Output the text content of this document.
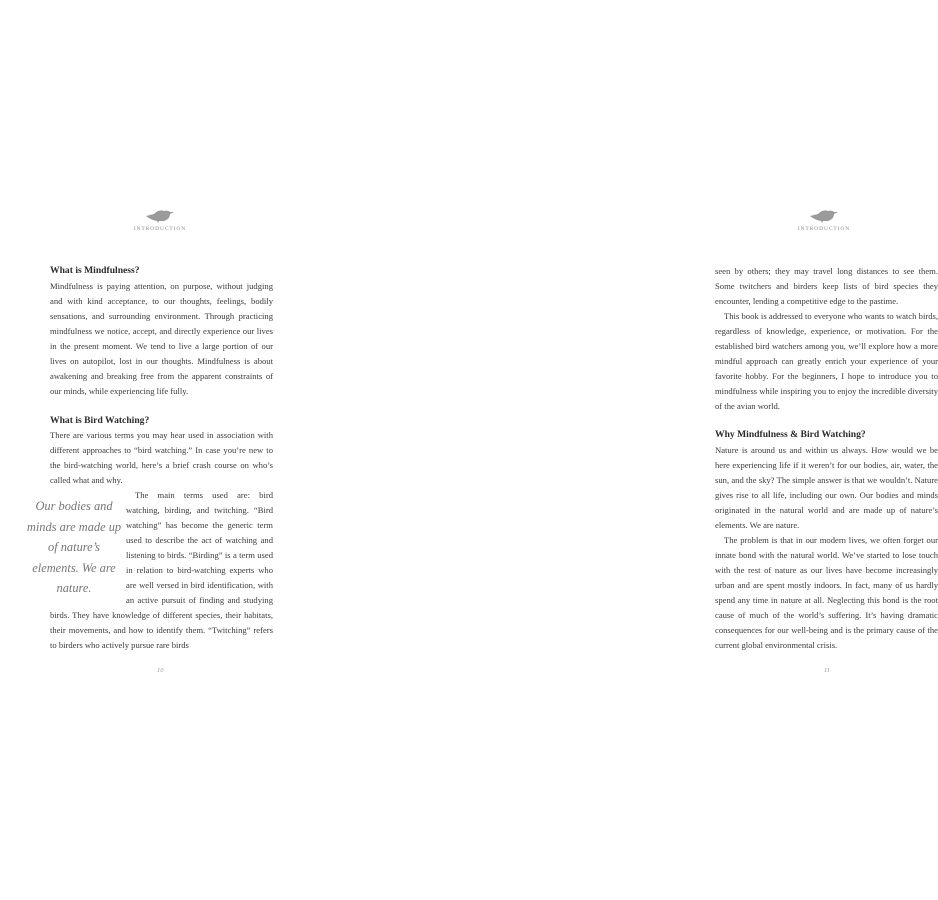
INTRODUCTION
What is Mindfulness?

Mindfulness is paying attention, on purpose, without judging and with kind acceptance, to our thoughts, feelings, bodily sensations, and surrounding environment. Through practicing mindfulness we notice, accept, and directly experience our lives in the present moment. We tend to live a large portion of our lives on autopilot, lost in our thoughts. Mindfulness is about awakening and breaking free from the apparent constraints of our minds, while experiencing life fully.

What is Bird Watching?

There are various terms you may hear used in association with different approaches to “bird watching.” In case you’re new to the bird-watching world, here’s a brief crash course on who’s called what and why.

Our bodies and minds are made up of nature’s elements. We are nature.

The main terms used are: bird watching, birding, and twitching. “Bird watching” has become the generic term used to describe the act of watching and listening to birds. “Birding” is a term used in relation to bird-watching experts who are well versed in bird identification, with an active pursuit of finding and studying birds. They have knowledge of different species, their habitats, their movements, and how to identify them. “Twitching” refers to birders who actively pursue rare birds

10
INTRODUCTION

seen by others; they may travel long distances to see them. Some twitchers and birders keep lists of bird species they encounter, lending a competitive edge to the pastime.

This book is addressed to everyone who wants to watch birds, regardless of knowledge, experience, or motivation. For the established bird watchers among you, we’ll explore how a more mindful approach can greatly enrich your experience of your favorite hobby. For the beginners, I hope to introduce you to mindfulness while inspiring you to enjoy the incredible diversity of the avian world.

Why Mindfulness & Bird Watching?

Nature is around us and within us always. How would we be here experiencing life if it weren’t for our bodies, air, water, the sun, and the sky? The simple answer is that we wouldn’t. Nature gives rise to all life, including our own. Our bodies and minds originated in the natural world and are made up of nature’s elements. We are nature.

The problem is that in our modern lives, we often forget our innate bond with the natural world. We’ve started to lose touch with the rest of nature as our lives have become increasingly urban and are spent mostly indoors. In fact, many of us hardly spend any time in nature at all. Neglecting this bond is the root cause of much of the world’s suffering. It’s having dramatic consequences for our well-being and is the primary cause of the current global environmental crisis.

11
